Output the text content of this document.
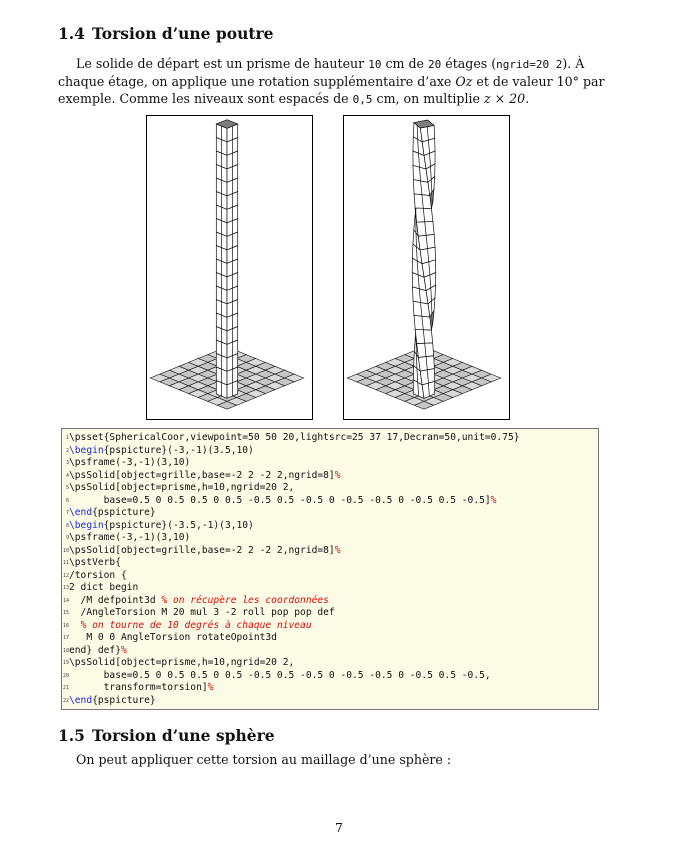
1.4 Torsion d’une poutre

Le solide de départ est un prisme de hauteur 10 cm de 20 étages (ngrid=20 2). À chaque étage, on applique une rotation supplémentaire d’axe Oz et de valeur 10° par exemple. Comme les niveaux sont espacés de 0,5 cm, on multiplie z × 20.

1\psset{SphericalCoor,viewpoint=50 50 20,lightsrc=25 37 17,Decran=50,unit=0.75}
2\begin{pspicture}(-3,-1)(3.5,10)
3\psframe(-3,-1)(3,10)
4\psSolid[object=grille,base=-2 2 -2 2,ngrid=8]%
5\psSolid[object=prisme,h=10,ngrid=20 2,
6      base=0.5 0 0.5 0.5 0 0.5 -0.5 0.5 -0.5 0 -0.5 -0.5 0 -0.5 0.5 -0.5]%
7\end{pspicture}
8\begin{pspicture}(-3.5,-1)(3,10)
9\psframe(-3,-1)(3,10)
10\psSolid[object=grille,base=-2 2 -2 2,ngrid=8]%
11\pstVerb{
12/torsion {
132 dict begin
14  /M defpoint3d % on récupère les coordonnées
15  /AngleTorsion M 20 mul 3 -2 roll pop pop def
16 % on tourne de 10 degrés à chaque niveau
17   M 0 0 AngleTorsion rotateOpoint3d
18end} def}%
19\psSolid[object=prisme,h=10,ngrid=20 2,
20      base=0.5 0 0.5 0.5 0 0.5 -0.5 0.5 -0.5 0 -0.5 -0.5 0 -0.5 0.5 -0.5,
21      transform=torsion]%
22\end{pspicture}
1.5 Torsion d’une sphère

On peut appliquer cette torsion au maillage d’une sphère :

7
